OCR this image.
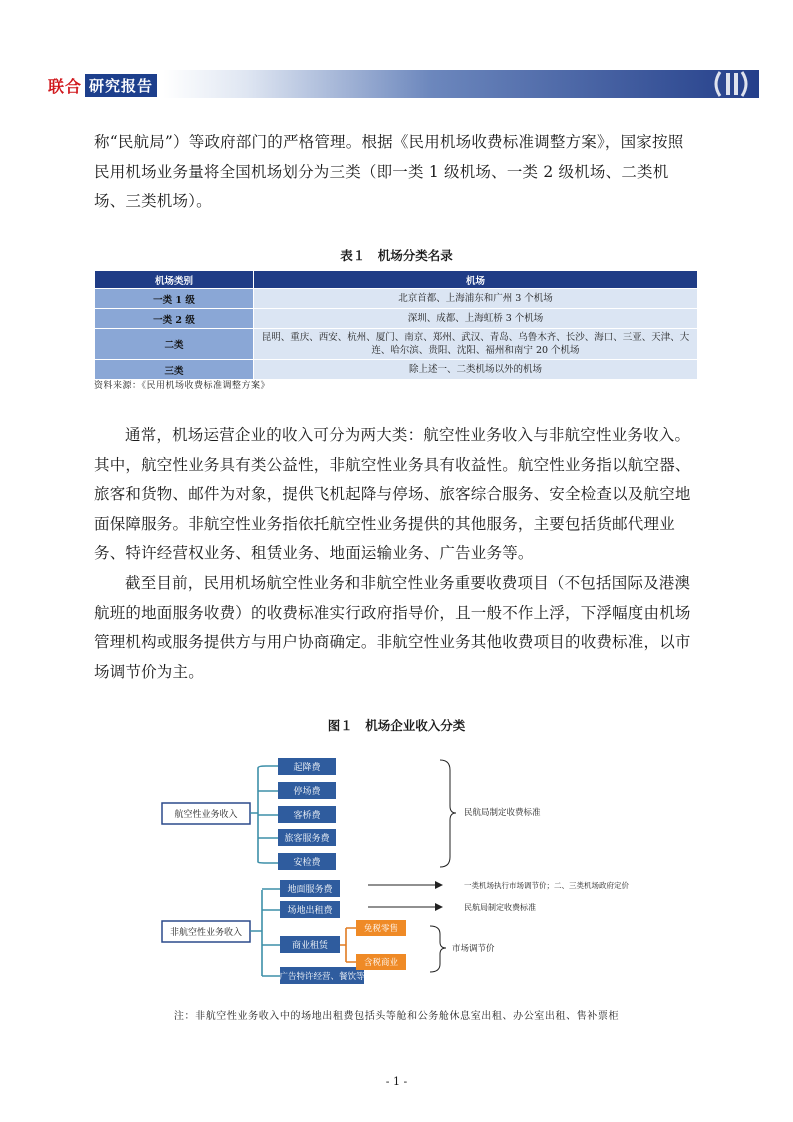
联合 研究报告

称“民航局”）等政府部门的严格管理。根据《民用机场收费标准调整方案》，国家按照民用机场业务量将全国机场划分为三类（即一类 1 级机场、一类 2 级机场、二类机场、三类机场）。

表１　机场分类名录
机场类别	机场
一类 1 级	北京首都、上海浦东和广州 3 个机场
一类 2 级	深圳、成都、上海虹桥 3 个机场
二类	昆明、重庆、西安、杭州、厦门、南京、郑州、武汉、青岛、乌鲁木齐、长沙、海口、三亚、天津、大连、哈尔滨、贵阳、沈阳、福州和南宁 20 个机场
三类	除上述一、二类机场以外的机场
资料来源：《民用机场收费标准调整方案》

通常，机场运营企业的收入可分为两大类：航空性业务收入与非航空性业务收入。其中，航空性业务具有类公益性，非航空性业务具有收益性。航空性业务指以航空器、旅客和货物、邮件为对象，提供飞机起降与停场、旅客综合服务、安全检查以及航空地面保障服务。非航空性业务指依托航空性业务提供的其他服务，主要包括货邮代理业务、特许经营权业务、租赁业务、地面运输业务、广告业务等。

截至目前，民用机场航空性业务和非航空性业务重要收费项目（不包括国际及港澳航班的地面服务收费）的收费标准实行政府指导价，且一般不作上浮，下浮幅度由机场管理机构或服务提供方与用户协商确定。非航空性业务其他收费项目的收费标准，以市场调节价为主。

图１　机场企业收入分类
航空性业务收入
起降费
停场费
客桥费
旅客服务费
安检费
民航局制定收费标准
非航空性业务收入
地面服务费
场地出租费
商业租赁
广告特许经营、餐饮等
免税零售
含税商业
一类机场执行市场调节价；二、三类机场政府定价
民航局制定收费标准
市场调节价
注：非航空性业务收入中的场地出租费包括头等舱和公务舱休息室出租、办公室出租、售补票柜
- 1 -
